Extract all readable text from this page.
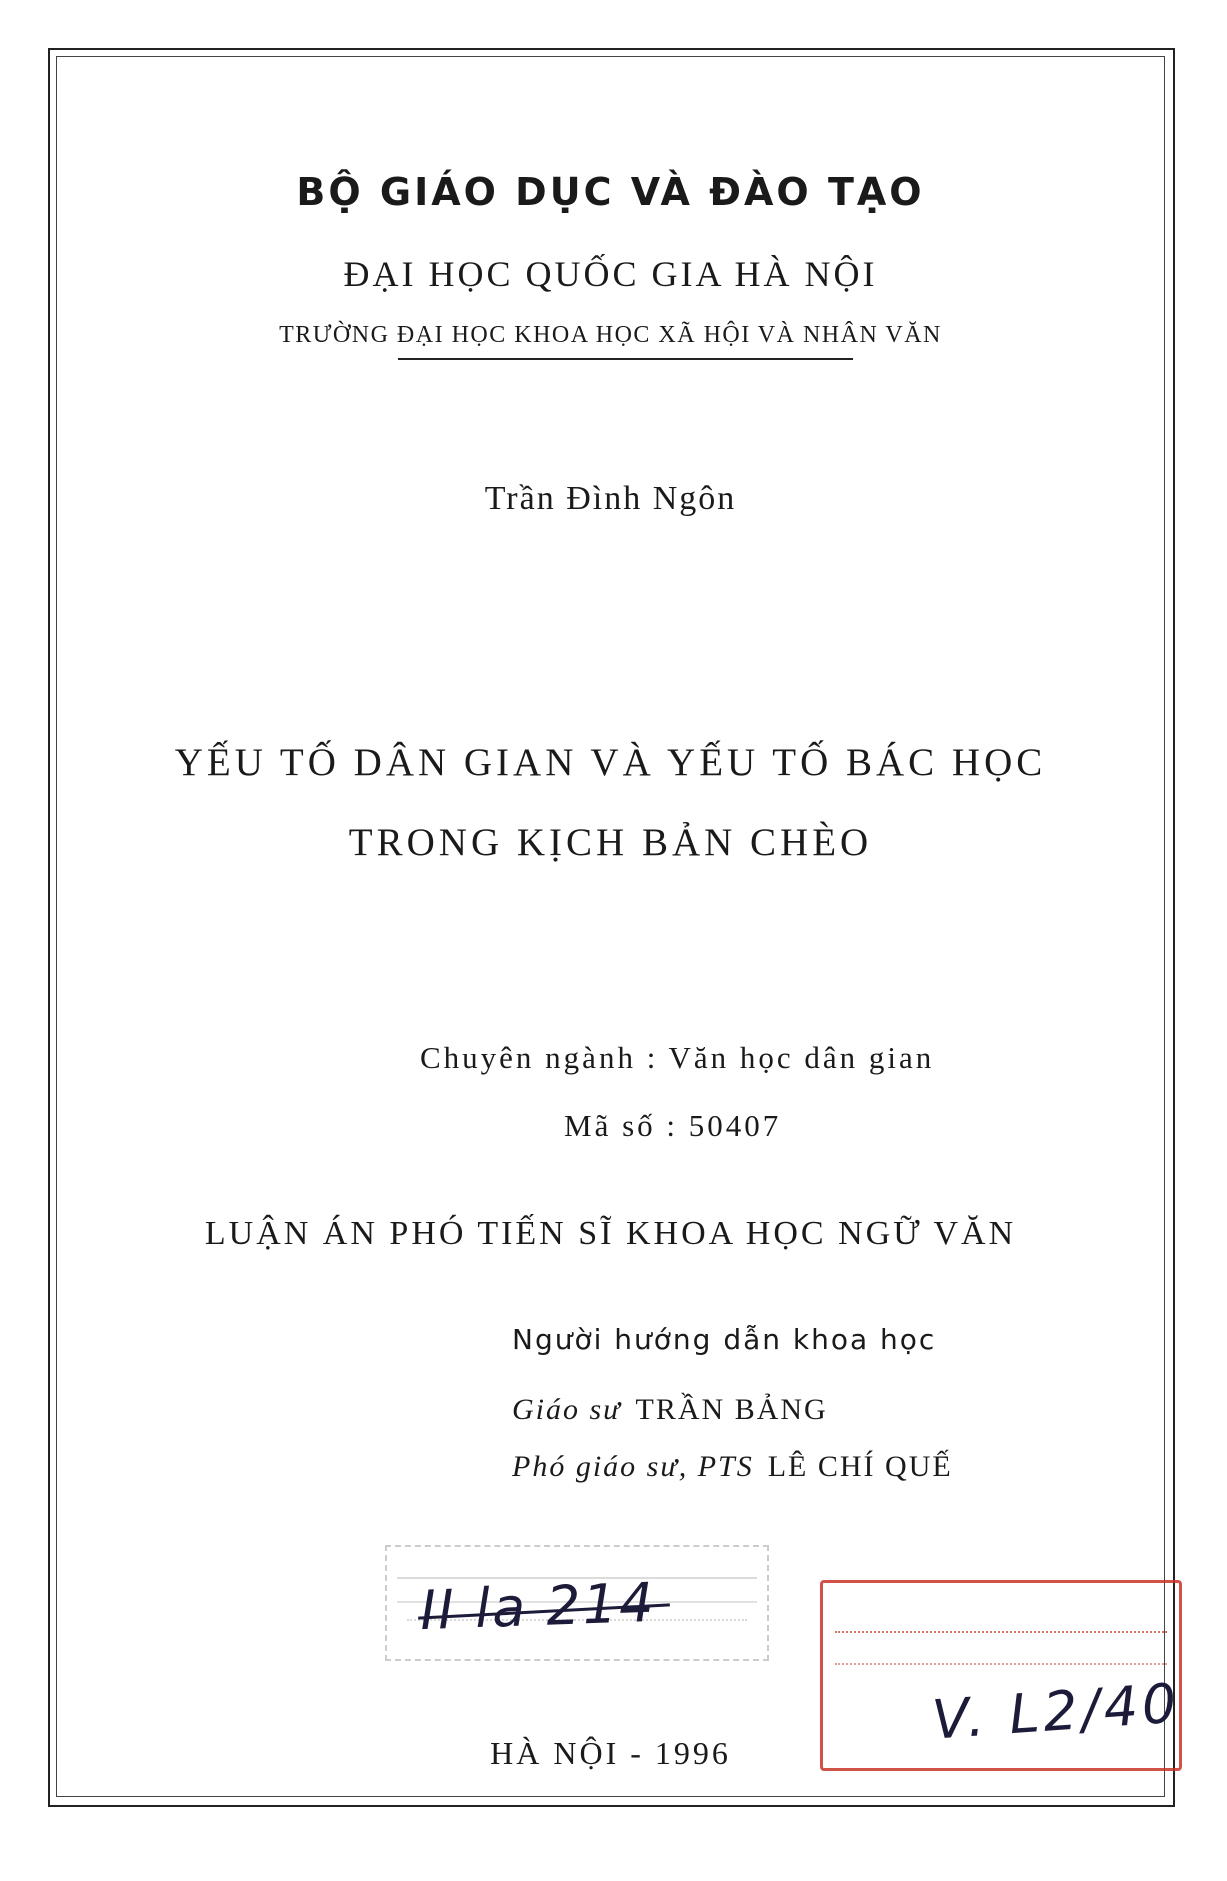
BỘ GIÁO DỤC VÀ ĐÀO TẠO
ĐẠI HỌC QUỐC GIA HÀ NỘI
TRƯỜNG ĐẠI HỌC KHOA HỌC XÃ HỘI VÀ NHÂN VĂN
Trần Đình Ngôn
YẾU TỐ DÂN GIAN VÀ YẾU TỐ BÁC HỌC
TRONG KỊCH BẢN CHÈO
Chuyên ngành : Văn học dân gian
Mã số : 50407
LUẬN ÁN PHÓ TIẾN SĨ KHOA HỌC NGỮ VĂN
Người hướng dẫn khoa học
Giáo sư TRẦN BẢNG
Phó giáo sư, PTS LÊ CHÍ QUẾ
II la 214
V. L2/40
HÀ NỘI - 1996
